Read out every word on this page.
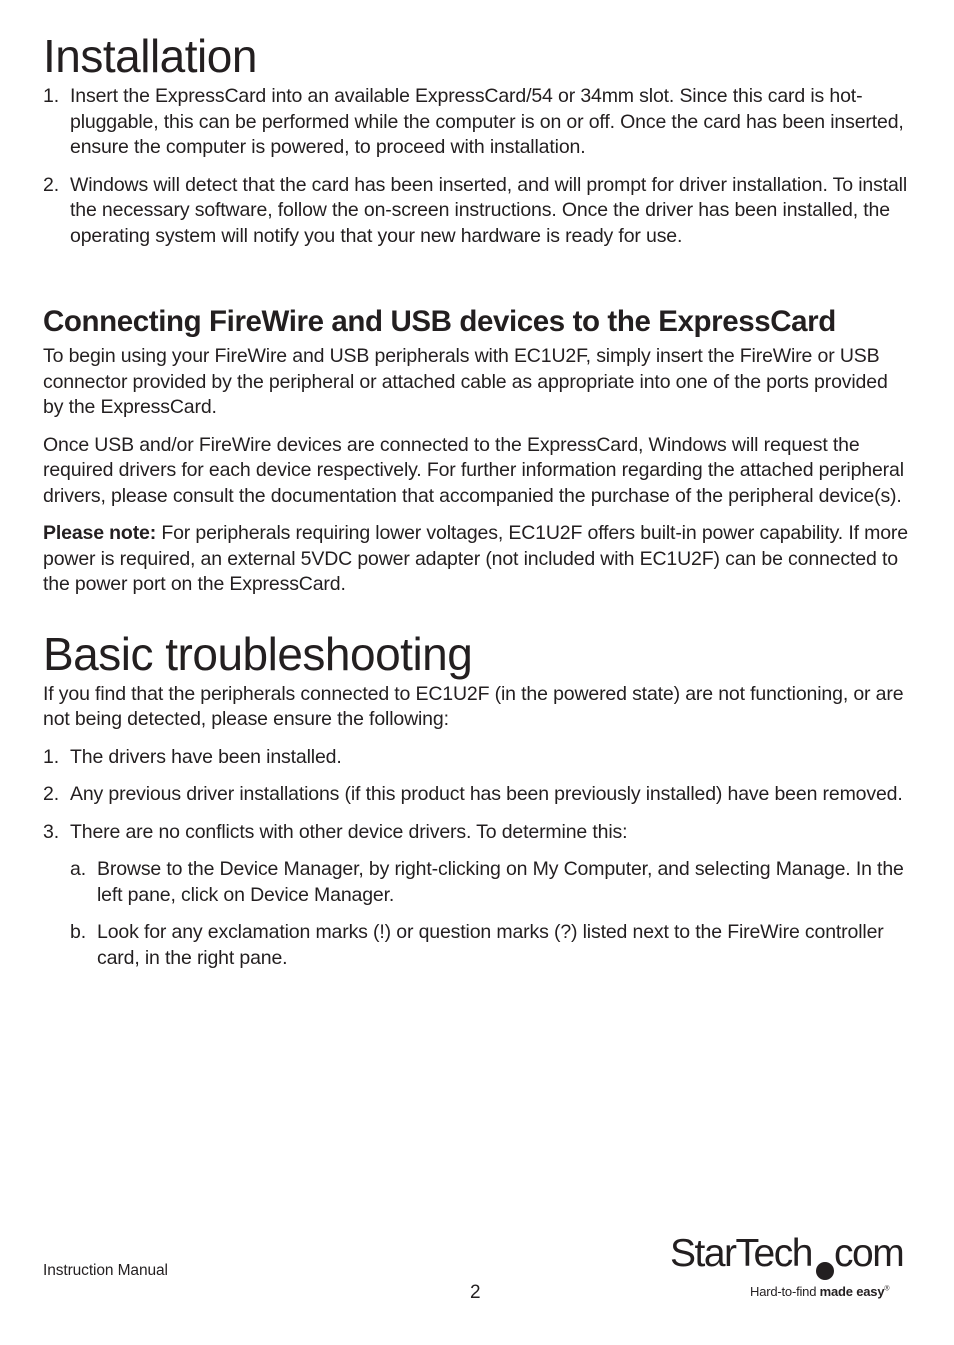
Installation
1. Insert the ExpressCard into an available ExpressCard/54 or 34mm slot. Since this card is hot-pluggable, this can be performed while the computer is on or off. Once the card has been inserted, ensure the computer is powered, to proceed with installation.
2. Windows will detect that the card has been inserted, and will prompt for driver installation. To install the necessary software, follow the on-screen instructions. Once the driver has been installed, the operating system will notify you that your new hardware is ready for use.
Connecting FireWire and USB devices to the ExpressCard

To begin using your FireWire and USB peripherals with EC1U2F, simply insert the FireWire or USB connector provided by the peripheral or attached cable as appropriate into one of the ports provided by the ExpressCard.

Once USB and/or FireWire devices are connected to the ExpressCard, Windows will request the required drivers for each device respectively. For further information regarding the attached peripheral drivers, please consult the documentation that accompanied the purchase of the peripheral device(s).

Please note: For peripherals requiring lower voltages, EC1U2F offers built-in power capability. If more power is required, an external 5VDC power adapter (not included with EC1U2F) can be connected to the power port on the ExpressCard.

Basic troubleshooting

If you find that the peripherals connected to EC1U2F (in the powered state) are not functioning, or are not being detected, please ensure the following:

1. The drivers have been installed.
2. Any previous driver installations (if this product has been previously installed) have been removed.
3. There are no conflicts with other device drivers. To determine this:
a. Browse to the Device Manager, by right-clicking on My Computer, and selecting Manage. In the left pane, click on Device Manager.
b. Look for any exclamation marks (!) or question marks (?) listed next to the FireWire controller card, in the right pane.
Instruction Manual
2
StarTech com
Hard-to-find made easy®
